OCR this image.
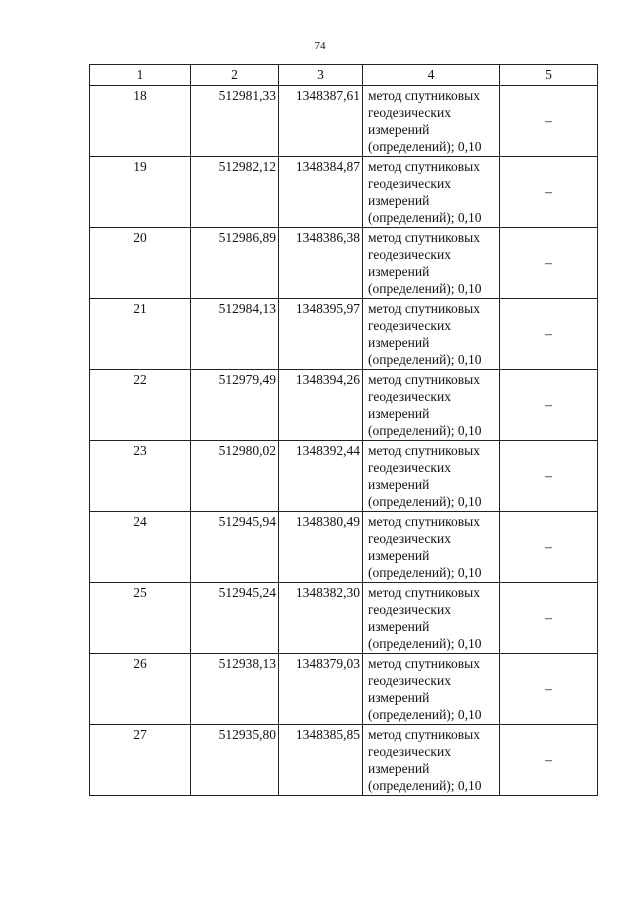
74
1	2	3	4	5
18	512981,33	1348387,61	метод спутниковых
геодезических
измерений
(определений); 0,10	–
19	512982,12	1348384,87	метод спутниковых
геодезических
измерений
(определений); 0,10	–
20	512986,89	1348386,38	метод спутниковых
геодезических
измерений
(определений); 0,10	–
21	512984,13	1348395,97	метод спутниковых
геодезических
измерений
(определений); 0,10	–
22	512979,49	1348394,26	метод спутниковых
геодезических
измерений
(определений); 0,10	–
23	512980,02	1348392,44	метод спутниковых
геодезических
измерений
(определений); 0,10	–
24	512945,94	1348380,49	метод спутниковых
геодезических
измерений
(определений); 0,10	–
25	512945,24	1348382,30	метод спутниковых
геодезических
измерений
(определений); 0,10	–
26	512938,13	1348379,03	метод спутниковых
геодезических
измерений
(определений); 0,10	–
27	512935,80	1348385,85	метод спутниковых
геодезических
измерений
(определений); 0,10	–
